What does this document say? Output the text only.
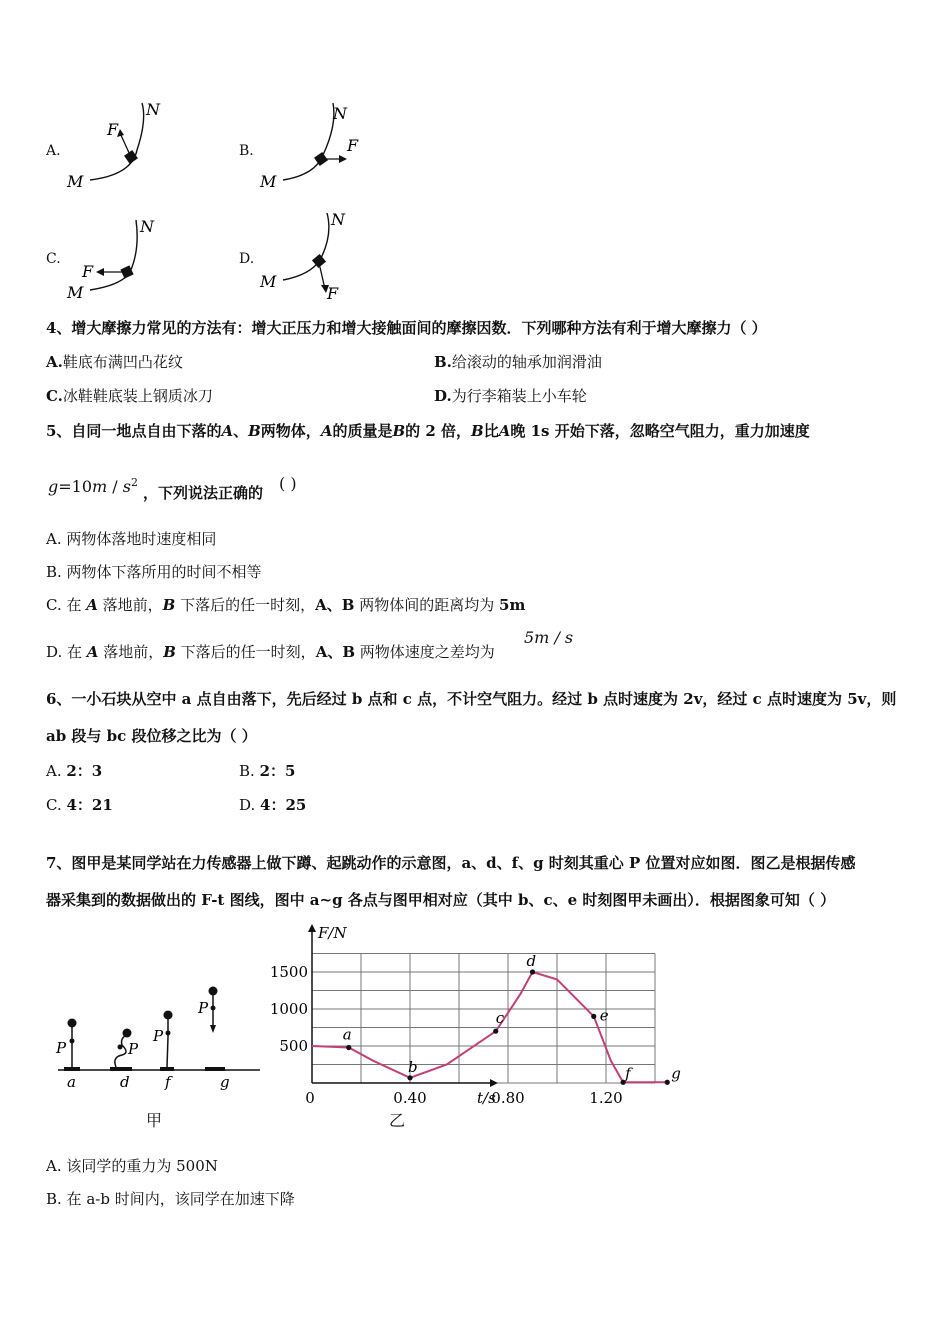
A.
F
N
M
B.	F
N
M
C.
F
N
M
D.
F
N
M
4、增大摩擦力常见的方法有：增大正压力和增大接触面间的摩擦因数．下列哪种方法有利于增大摩擦力（ ）
A.鞋底布满凹凸花纹	B.给滚动的轴承加润滑油
C.冰鞋鞋底装上钢质冰刀	D.为行李箱装上小车轮
5、自同一地点自由下落的A、B两物体，A的质量是B的 2 倍，B比A晚 1s 开始下落，忽略空气阻力，重力加速度
$g=10m / s^2$
，下列说法正确的 ( )
A. 两物体落地时速度相同
B. 两物体下落所用的时间不相等
C. 在 A 落地前，B 下落后的任一时刻，A、B 两物体间的距离均为 5m
D. 在 A 落地前，B 下落后的任一时刻，A、B 两物体速度之差均为
5m / s
6、一小石块从空中 a 点自由落下，先后经过 b 点和 c 点，不计空气阻力。经过 b 点时速度为 2v，经过 c 点时速度为 5v，则
ab 段与 bc 段位移之比为（ ）
A. 2：3	B. 2：5
C. 4：21	D. 4：25
7、图甲是某同学站在力传感器上做下蹲、起跳动作的示意图，a、d、f、g 时刻其重心 P 位置对应如图．图乙是根据传感
器采集到的数据做出的 F-t 图线，图中 a~g 各点与图甲相对应（其中 b、c、e 时刻图甲未画出）．根据图象可知（ ）
P
a
P
d
P
f
P
g
甲
F/N
t/s
500
1000
1500
0	0.40	0.80	1.20
a
b
c
d
e
f	g
乙
A. 该同学的重力为 500N
B. 在 a-b 时间内，该同学在加速下降
